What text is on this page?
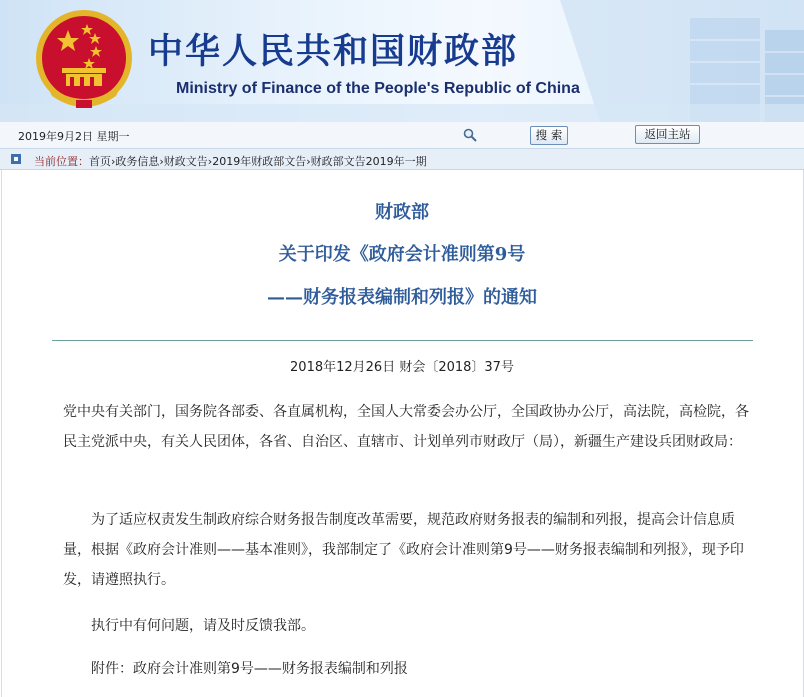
中华人民共和国财政部
Ministry of Finance of the People's Republic of China
2019年9月2日 星期一	搜 索	返回主站
当前位置：首页›政务信息›财政文告›2019年财政部文告›财政部文告2019年一期
财政部
关于印发《政府会计准则第9号
——财务报表编制和列报》的通知
2018年12月26日 财会〔2018〕37号

党中央有关部门，国务院各部委、各直属机构，全国人大常委会办公厅，全国政协办公厅，高法院，高检院，各民主党派中央，有关人民团体，各省、自治区、直辖市、计划单列市财政厅（局），新疆生产建设兵团财政局：

为了适应权责发生制政府综合财务报告制度改革需要，规范政府财务报表的编制和列报，提高会计信息质量，根据《政府会计准则——基本准则》，我部制定了《政府会计准则第9号——财务报表编制和列报》，现予印发，请遵照执行。

执行中有何问题，请及时反馈我部。

附件：政府会计准则第9号——财务报表编制和列报
